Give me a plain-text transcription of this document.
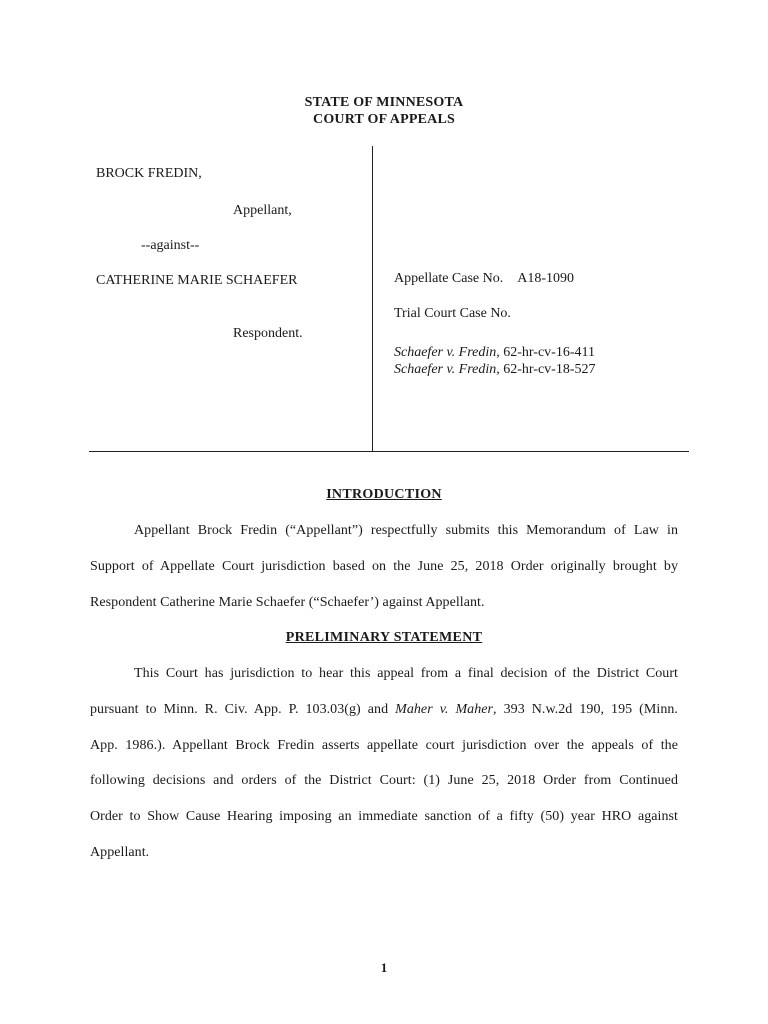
STATE OF MINNESOTA
COURT OF APPEALS
BROCK FREDIN,
Appellant,
--against--
CATHERINE MARIE SCHAEFER
Respondent.
Appellate Case No. A18-1090
Trial Court Case No.
Schaefer v. Fredin, 62-hr-cv-16-411
Schaefer v. Fredin, 62-hr-cv-18-527
INTRODUCTION
Appellant Brock Fredin (“Appellant”) respectfully submits this Memorandum of Law in
Support of Appellate Court jurisdiction based on the June 25, 2018 Order originally brought by
Respondent Catherine Marie Schaefer (“Schaefer’) against Appellant.
PRELIMINARY STATEMENT
This Court has jurisdiction to hear this appeal from a final decision of the District Court
pursuant to Minn. R. Civ. App. P. 103.03(g) and Maher v. Maher, 393 N.w.2d 190, 195 (Minn.
App. 1986.). Appellant Brock Fredin asserts appellate court jurisdiction over the appeals of the
following decisions and orders of the District Court: (1) June 25, 2018 Order from Continued
Order to Show Cause Hearing imposing an immediate sanction of a fifty (50) year HRO against
Appellant.
1
